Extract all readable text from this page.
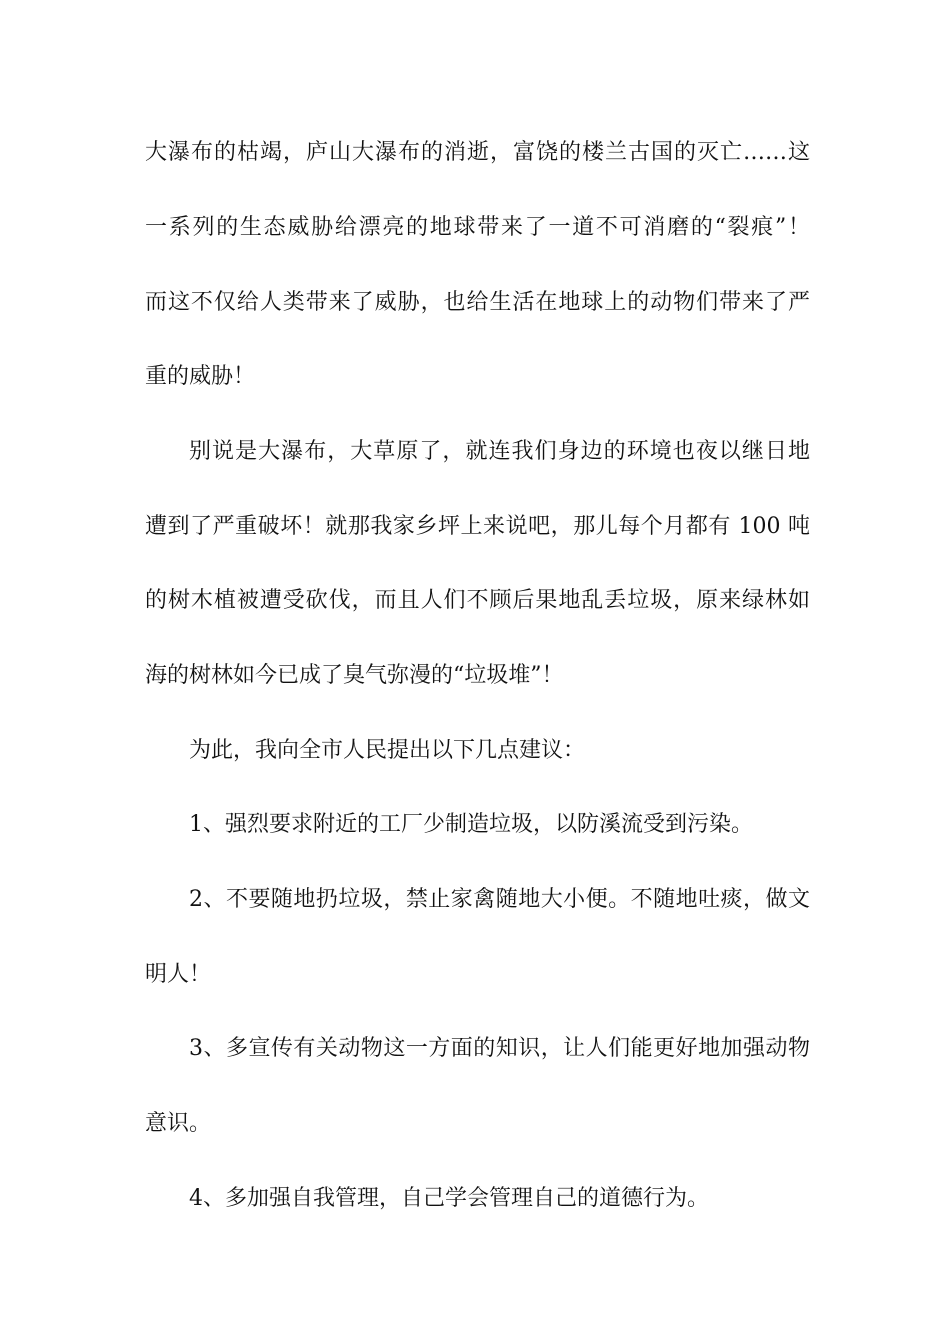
大瀑布的枯竭，庐山大瀑布的消逝，富饶的楼兰古国的灭亡……这
一系列的生态威胁给漂亮的地球带来了一道不可消磨的“裂痕”！
而这不仅给人类带来了威胁，也给生活在地球上的动物们带来了严
重的威胁！
别说是大瀑布，大草原了，就连我们身边的环境也夜以继日地
遭到了严重破坏！就那我家乡坪上来说吧，那儿每个月都有 100 吨
的树木植被遭受砍伐，而且人们不顾后果地乱丢垃圾，原来绿林如
海的树林如今已成了臭气弥漫的“垃圾堆”！
为此，我向全市人民提出以下几点建议：
1、强烈要求附近的工厂少制造垃圾，以防溪流受到污染。
2、不要随地扔垃圾，禁止家禽随地大小便。不随地吐痰，做文
明人！
3、多宣传有关动物这一方面的知识，让人们能更好地加强动物
意识。
4、多加强自我管理，自己学会管理自己的道德行为。
